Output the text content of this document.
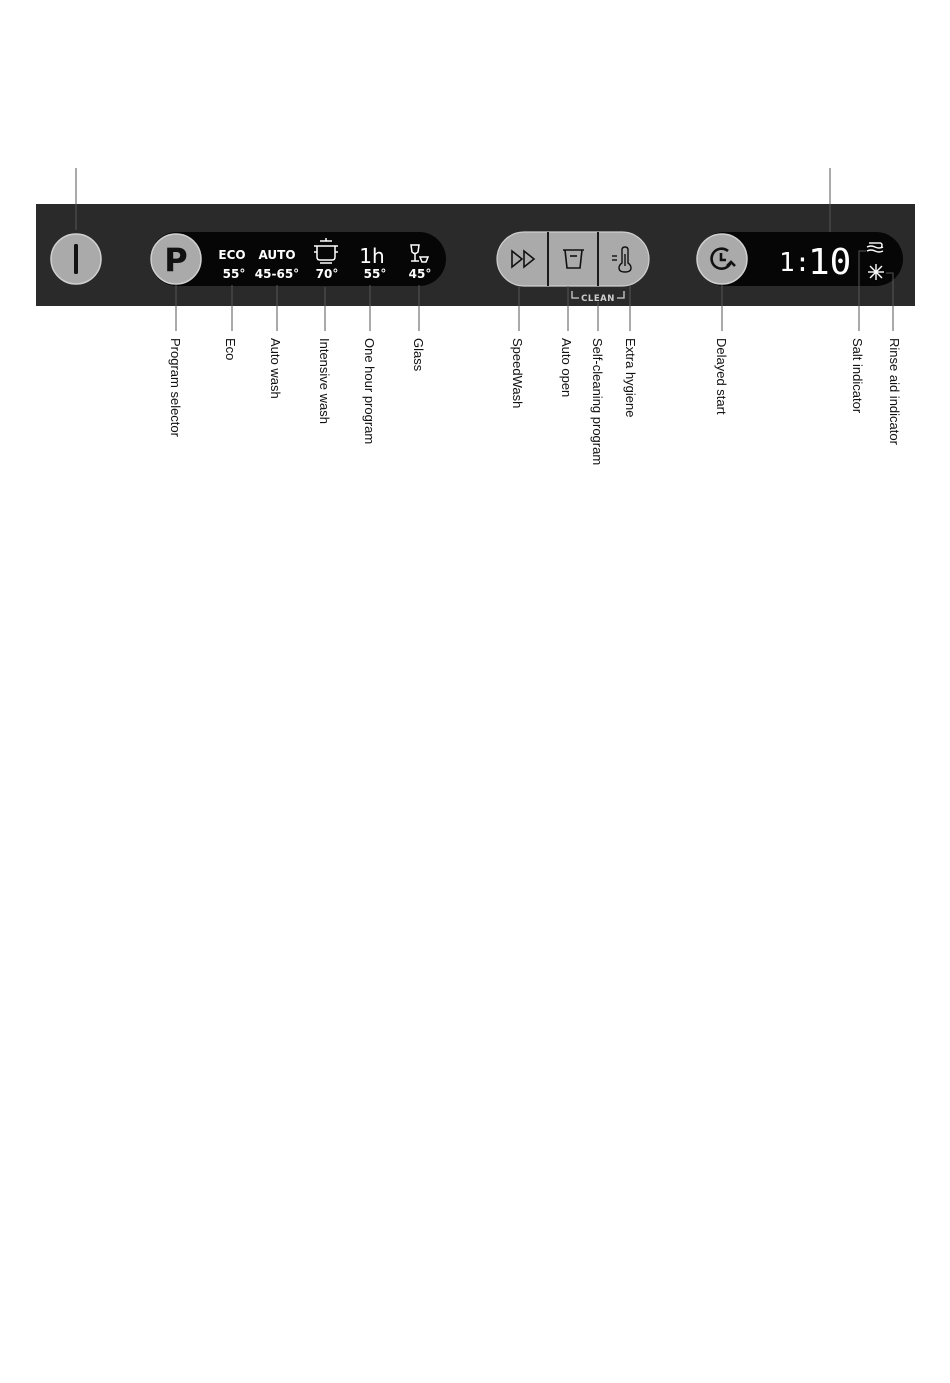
P	ECO
55°
AUTO
45-65° 70°
1h
55° 45°
CLEAN
1:
10
Program selector	Eco Auto wash	Intensive wash One hour program	Glass	SpeedWash	Auto open Self-cleaning program Extra hygiene	Delayed start	Salt indicator Rinse aid indicator
